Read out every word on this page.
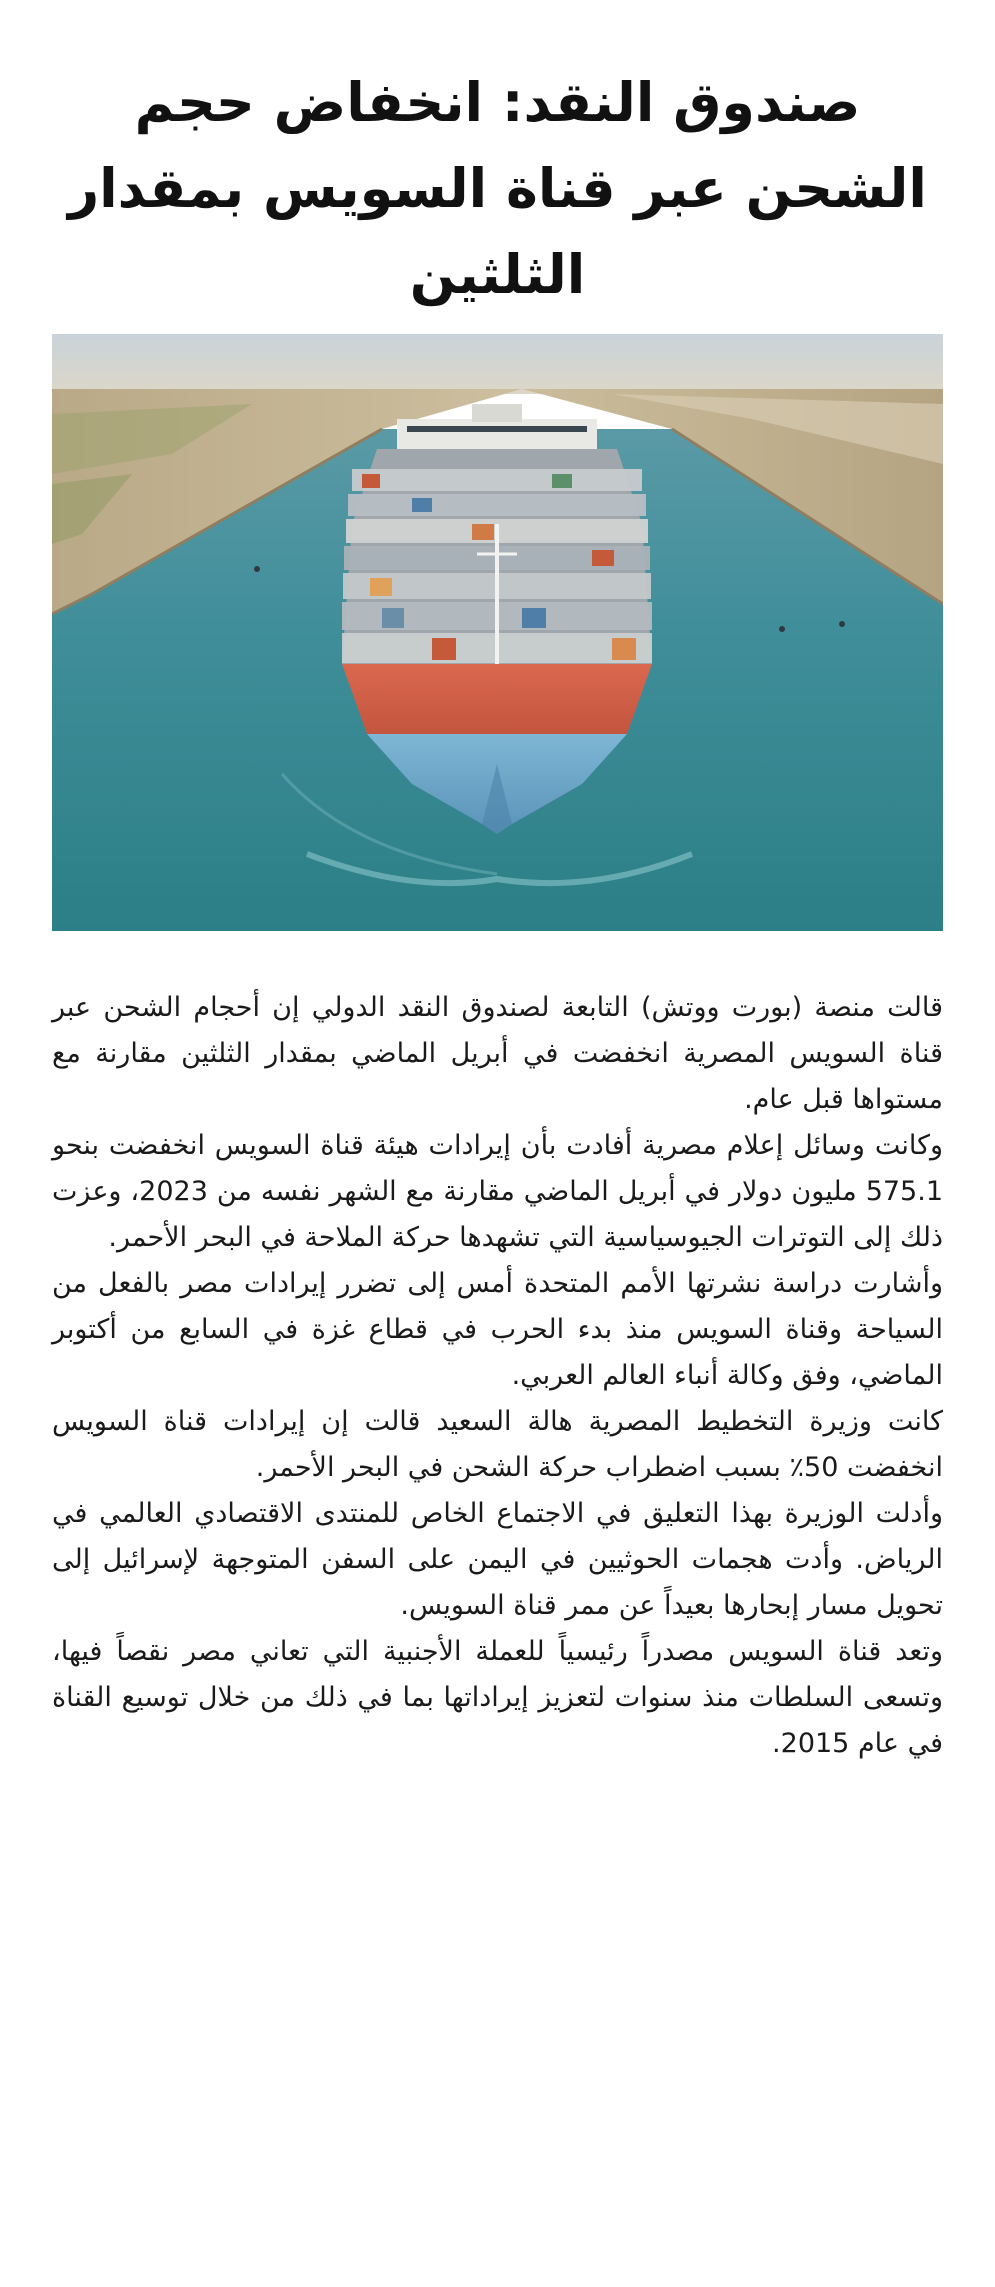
صندوق النقد: انخفاض حجم الشحن عبر قناة السويس بمقدار الثلثين

قالت منصة (بورت ووتش) التابعة لصندوق النقد الدولي إن أحجام الشحن عبر قناة السويس المصرية انخفضت في أبريل الماضي بمقدار الثلثين مقارنة مع مستواها قبل عام.

وكانت وسائل إعلام مصرية أفادت بأن إيرادات هيئة قناة السويس انخفضت بنحو 575.1 مليون دولار في أبريل الماضي مقارنة مع الشهر نفسه من 2023، وعزت ذلك إلى التوترات الجيوسياسية التي تشهدها حركة الملاحة في البحر الأحمر.

وأشارت دراسة نشرتها الأمم المتحدة أمس إلى تضرر إيرادات مصر بالفعل من السياحة وقناة السويس منذ بدء الحرب في قطاع غزة في السابع من أكتوبر الماضي، وفق وكالة أنباء العالم العربي.

كانت وزيرة التخطيط المصرية هالة السعيد قالت إن إيرادات قناة السويس انخفضت 50٪ بسبب اضطراب حركة الشحن في البحر الأحمر.

وأدلت الوزيرة بهذا التعليق في الاجتماع الخاص للمنتدى الاقتصادي العالمي في الرياض. وأدت هجمات الحوثيين في اليمن على السفن المتوجهة لإسرائيل إلى تحويل مسار إبحارها بعيداً عن ممر قناة السويس.

وتعد قناة السويس مصدراً رئيسياً للعملة الأجنبية التي تعاني مصر نقصاً فيها، وتسعى السلطات منذ سنوات لتعزيز إيراداتها بما في ذلك من خلال توسيع القناة في عام 2015.
